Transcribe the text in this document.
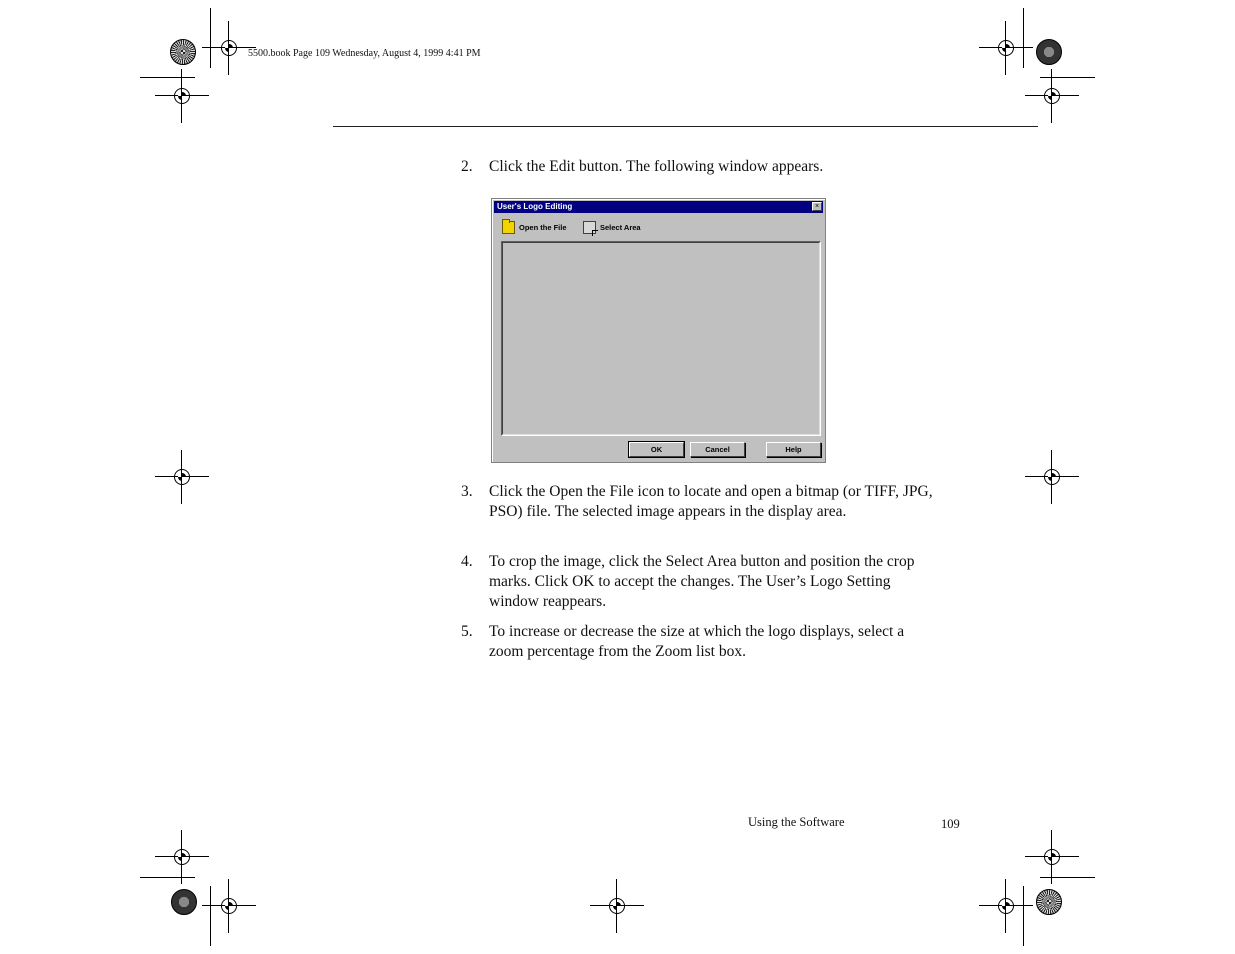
5500.book Page 109 Wednesday, August 4, 1999 4:41 PM
2. Click the Edit button. The following window appears.
User's Logo Editing	×
Open the File	Select Area
OK	Cancel	Help
3. Click the Open the File icon to locate and open a bitmap (or TIFF, JPG, PSO) file. The selected image appears in the display area.
4. To crop the image, click the Select Area button and position the crop marks. Click OK to accept the changes. The User’s Logo Setting window reappears.
5. To increase or decrease the size at which the logo displays, select a zoom percentage from the Zoom list box.
Using the Software	109
